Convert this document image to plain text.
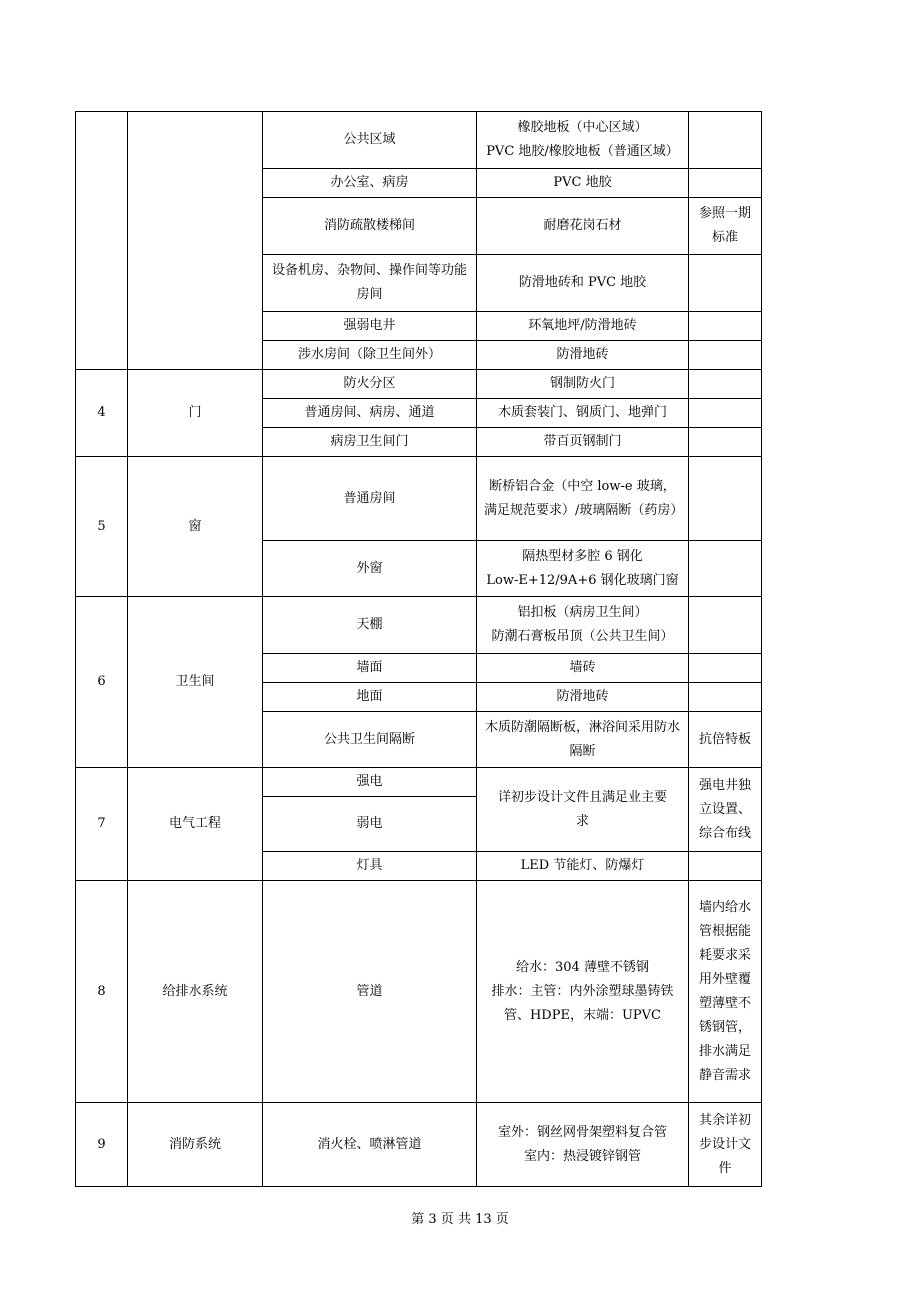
		公共区域	橡胶地板（中心区域）
PVC 地胶/橡胶地板（普通区域）	

		办公室、病房	PVC 地胶	
		消防疏散楼梯间	耐磨花岗石材	参照一期标准

		设备机房、杂物间、操作间等功能房间	防滑地砖和 PVC 地胶	
		强弱电井	环氧地坪/防滑地砖	
		涉水房间（除卫生间外）	防滑地砖	
4	门	防火分区	钢制防火门	
		普通房间、病房、通道	木质套装门、钢质门、地弹门	
		病房卫生间门	带百页钢制门	
5	窗	普通房间	断桥铝合金（中空 low-e 玻璃，满足规范要求）/玻璃隔断（药房）	

		外窗	隔热型材多腔 6 钢化
Low-E+12/9A+6 钢化玻璃门窗	

6	卫生间	天棚	铝扣板（病房卫生间）
防潮石膏板吊顶（公共卫生间）	

		墙面	墙砖	
		地面	防滑地砖	
		公共卫生间隔断	木质防潮隔断板，淋浴间采用防水隔断	抗倍特板
7	电气工程	强电	详初步设计文件且满足业主要求	强电井独立设置、综合布线

		弱电		
		灯具	LED 节能灯、防爆灯	
8	给排水系统	管道	给水：304 薄壁不锈钢
排水：主管：内外涂塑球墨铸铁管、HDPE，末端：UPVC	墙内给水管根据能耗要求采用外壁覆塑薄壁不锈钢管，排水满足静音需求

9	消防系统	消火栓、喷淋管道	室外：钢丝网骨架塑料复合管
室内：热浸镀锌钢管	其余详初步设计文件
第 3 页 共 13 页
